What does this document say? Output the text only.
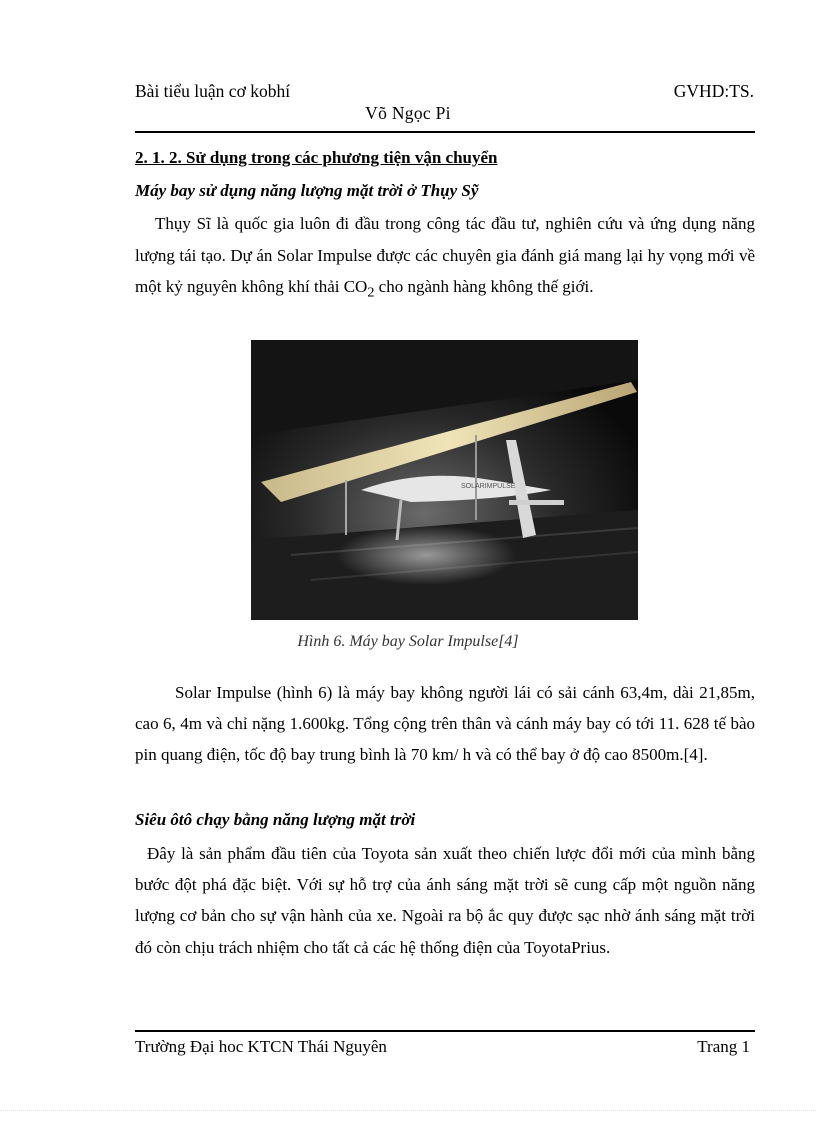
Bài tiểu luận cơ kobhí	GVHD:TS.
Võ Ngọc Pi
2. 1. 2. Sử dụng trong các phương tiện vận chuyển
Máy bay sử dụng năng lượng mặt trời ở Thụy Sỹ
Thụy Sĩ là quốc gia luôn đi đầu trong công tác đầu tư, nghiên cứu và ứng dụng năng lượng tái tạo. Dự án Solar Impulse được các chuyên gia đánh giá mang lại hy vọng mới về một kỷ nguyên không khí thải $CO_2$ cho ngành hàng không thế giới.
SOLARIMPULSE
Hình 6. Máy bay Solar Impulse[4]
Solar Impulse (hình 6) là máy bay không người lái có sải cánh 63,4m, dài 21,85m, cao 6, 4m và chỉ nặng 1.600kg. Tổng cộng trên thân và cánh máy bay có tới 11. 628 tế bào pin quang điện, tốc độ bay trung bình là 70 km/ h và có thể bay ở độ cao 8500m.[4].
Siêu ôtô chạy bằng năng lượng mặt trời
Đây là sản phẩm đầu tiên của Toyota sản xuất theo chiến lược đổi mới của mình bằng bước đột phá đặc biệt. Với sự hỗ trợ của ánh sáng mặt trời sẽ cung cấp một nguồn năng lượng cơ bản cho sự vận hành của xe. Ngoài ra bộ ắc quy được sạc nhờ ánh sáng mặt trời đó còn chịu trách nhiệm cho tất cả các hệ thống điện của ToyotaPrius.
Trường Đại hoc KTCN Thái Nguyên	Trang 1
